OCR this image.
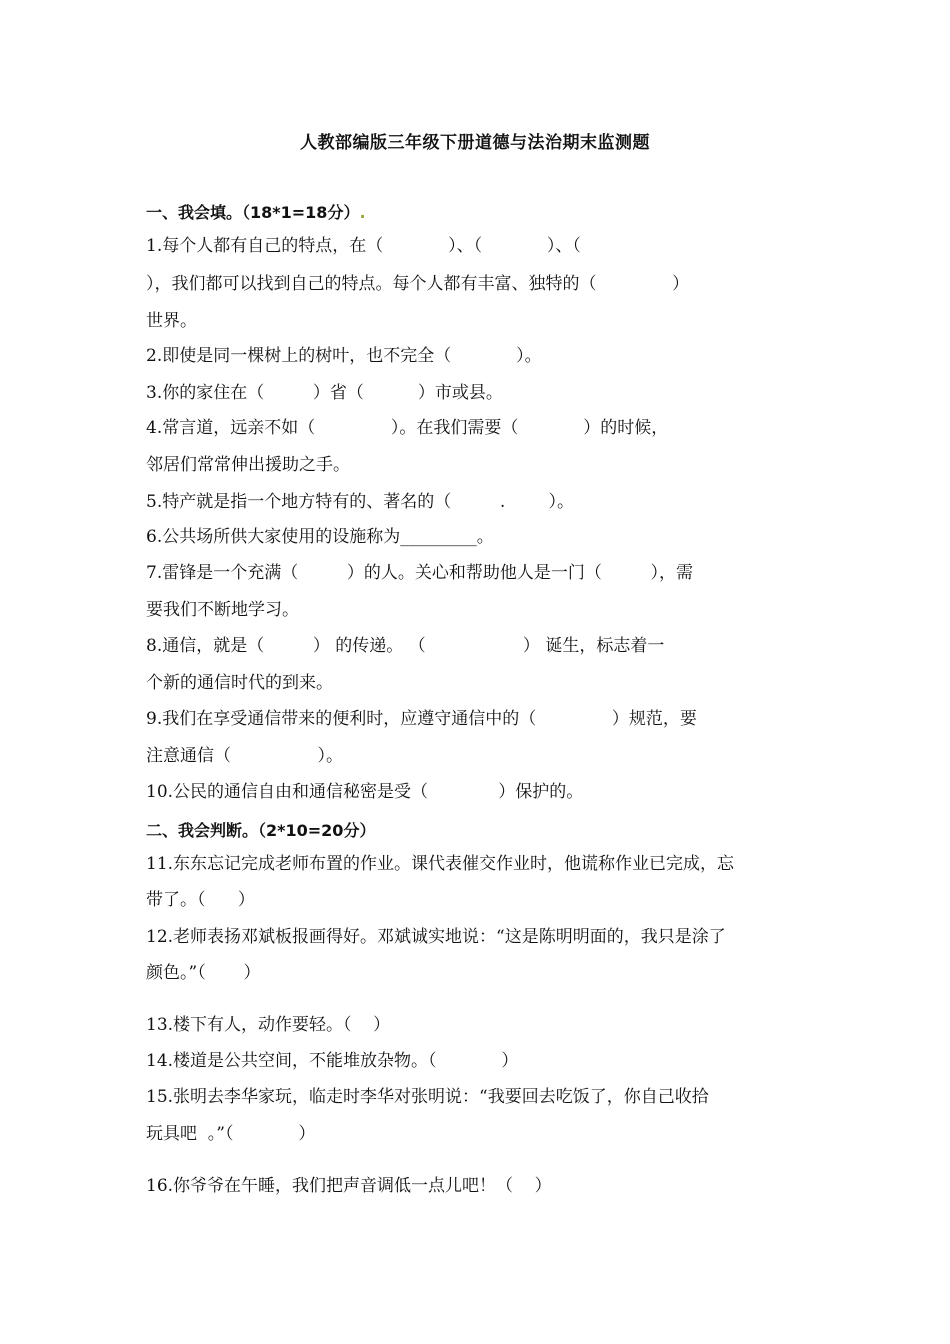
人教部编版三年级下册道德与法治期末监测题
一、我会填。（18*1=18分）.
1.每个人都有自己的特点，在（            ）、（            ）、（
），我们都可以找到自己的特点。每个人都有丰富、独特的（              ）
世界。
2.即使是同一棵树上的树叶，也不完全（            ）。
3.你的家住在（         ）省（          ）市或县。
4.常言道，远亲不如（              ）。在我们需要（            ）的时候，
邻居们常常伸出援助之手。
5.特产就是指一个地方特有的、著名的（         .        ）。
6.公共场所供大家使用的设施称为_________。
7.雷锋是一个充满（         ）的人。关心和帮助他人是一门（         ），需
要我们不断地学习。
8.通信，就是（         ） 的传递。 （                  ） 诞生，标志着一
个新的通信时代的到来。
9.我们在享受通信带来的便利时，应遵守通信中的（              ）规范，要
注意通信（                ）。
10.公民的通信自由和通信秘密是受（             ）保护的。
二、我会判断。（2*10=20分）
11.东东忘记完成老师布置的作业。课代表催交作业时，他谎称作业已完成，忘
带了。（      ）
12.老师表扬邓斌板报画得好。邓斌诚实地说：“这是陈明明面的，我只是涂了
颜色。”（       ）
13.楼下有人，动作要轻。（    ）
14.楼道是公共空间，不能堆放杂物。（            ）
15.张明去李华家玩，临走时李华对张明说：“我要回去吃饭了，你自己收拾
玩具吧  。”（            ）
16.你爷爷在午睡，我们把声音调低一点儿吧！（    ）
